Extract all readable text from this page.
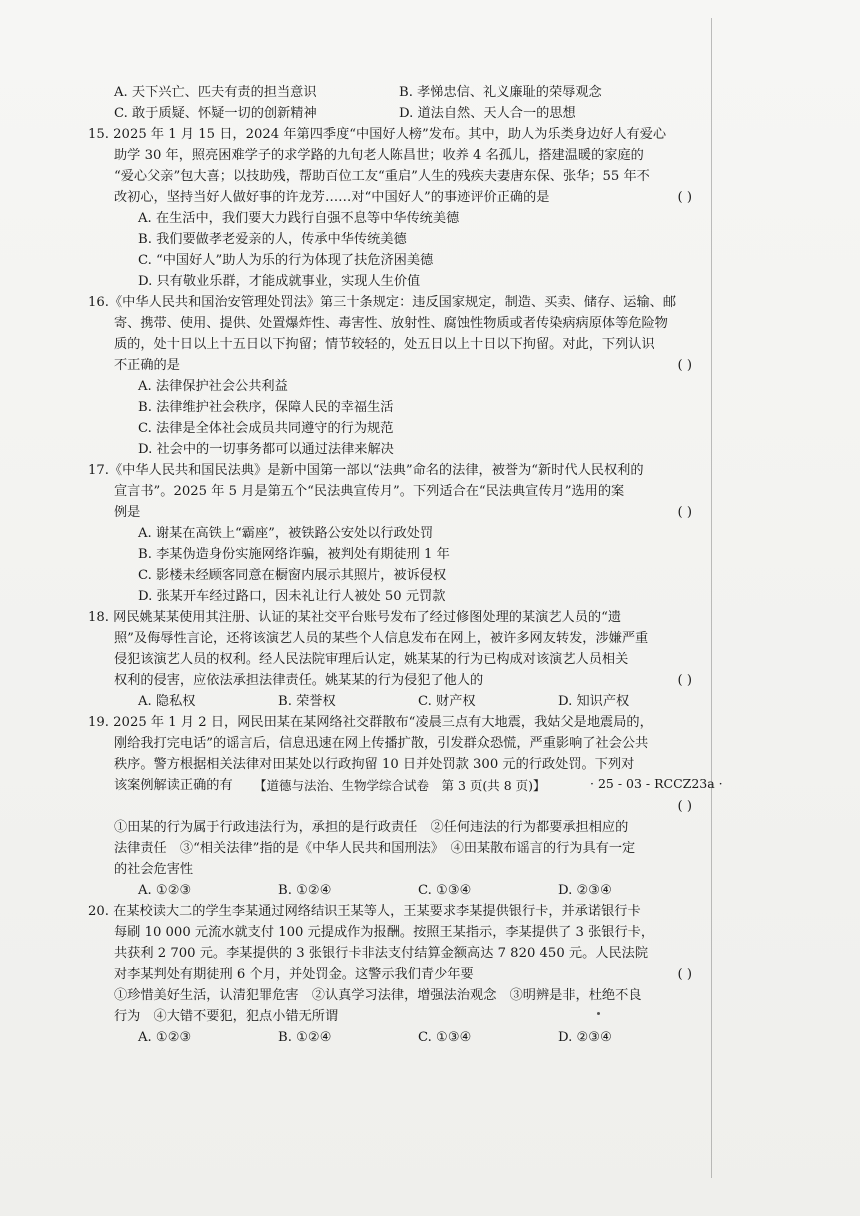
A. 天下兴亡、匹夫有责的担当意识	B. 孝悌忠信、礼义廉耻的荣辱观念
C. 敢于质疑、怀疑一切的创新精神	D. 道法自然、天人合一的思想
15. 2025 年 1 月 15 日，2024 年第四季度“中国好人榜”发布。其中，助人为乐类身边好人有爱心
助学 30 年，照亮困难学子的求学路的九旬老人陈昌世；收养 4 名孤儿，搭建温暖的家庭的
“爱心父亲”包大喜；以技助残，帮助百位工友“重启”人生的残疾夫妻唐东保、张华；55 年不
改初心，坚持当好人做好事的许龙芳……对“中国好人”的事迹评价正确的是	( )
A. 在生活中，我们要大力践行自强不息等中华传统美德
B. 我们要做孝老爱亲的人，传承中华传统美德
C. “中国好人”助人为乐的行为体现了扶危济困美德
D. 只有敬业乐群，才能成就事业，实现人生价值
16.《中华人民共和国治安管理处罚法》第三十条规定：违反国家规定，制造、买卖、储存、运输、邮
寄、携带、使用、提供、处置爆炸性、毒害性、放射性、腐蚀性物质或者传染病病原体等危险物
质的，处十日以上十五日以下拘留；情节较轻的，处五日以上十日以下拘留。对此，下列认识
不正确的是	( )
A. 法律保护社会公共利益
B. 法律维护社会秩序，保障人民的幸福生活
C. 法律是全体社会成员共同遵守的行为规范
D. 社会中的一切事务都可以通过法律来解决
17.《中华人民共和国民法典》是新中国第一部以“法典”命名的法律，被誉为“新时代人民权利的
宣言书”。2025 年 5 月是第五个“民法典宣传月”。下列适合在“民法典宣传月”选用的案
例是	( )
A. 谢某在高铁上“霸座”，被铁路公安处以行政处罚
B. 李某伪造身份实施网络诈骗，被判处有期徒刑 1 年
C. 影楼未经顾客同意在橱窗内展示其照片，被诉侵权
D. 张某开车经过路口，因未礼让行人被处 50 元罚款
18. 网民姚某某使用其注册、认证的某社交平台账号发布了经过修图处理的某演艺人员的“遗
照”及侮辱性言论，还将该演艺人员的某些个人信息发布在网上，被许多网友转发，涉嫌严重
侵犯该演艺人员的权利。经人民法院审理后认定，姚某某的行为已构成对该演艺人员相关
权利的侵害，应依法承担法律责任。姚某某的行为侵犯了他人的	( )
A. 隐私权	B. 荣誉权	C. 财产权	D. 知识产权
19. 2025 年 1 月 2 日，网民田某在某网络社交群散布“凌晨三点有大地震，我姑父是地震局的，
刚给我打完电话”的谣言后，信息迅速在网上传播扩散，引发群众恐慌，严重影响了社会公共
秩序。警方根据相关法律对田某处以行政拘留 10 日并处罚款 300 元的行政处罚。下列对
该案例解读正确的有
( )
①田某的行为属于行政违法行为，承担的是行政责任　②任何违法的行为都要承担相应的
法律责任　③“相关法律”指的是《中华人民共和国刑法》　④田某散布谣言的行为具有一定
的社会危害性
A. ①②③	B. ①②④	C. ①③④	D. ②③④
20. 在某校读大二的学生李某通过网络结识王某等人，王某要求李某提供银行卡，并承诺银行卡
每刷 10 000 元流水就支付 100 元提成作为报酬。按照王某指示，李某提供了 3 张银行卡，
共获利 2 700 元。李某提供的 3 张银行卡非法支付结算金额高达 7 820 450 元。人民法院
对李某判处有期徒刑 6 个月，并处罚金。这警示我们青少年要	( )
①珍惜美好生活，认清犯罪危害　②认真学习法律，增强法治观念　③明辨是非，杜绝不良
行为　④大错不要犯，犯点小错无所谓
A. ①②③	B. ①②④	C. ①③④	D. ②③④
【道德与法治、生物学综合试卷　第 3 页(共 8 页)】	· 25 - 03 - RCCZ23a ·
